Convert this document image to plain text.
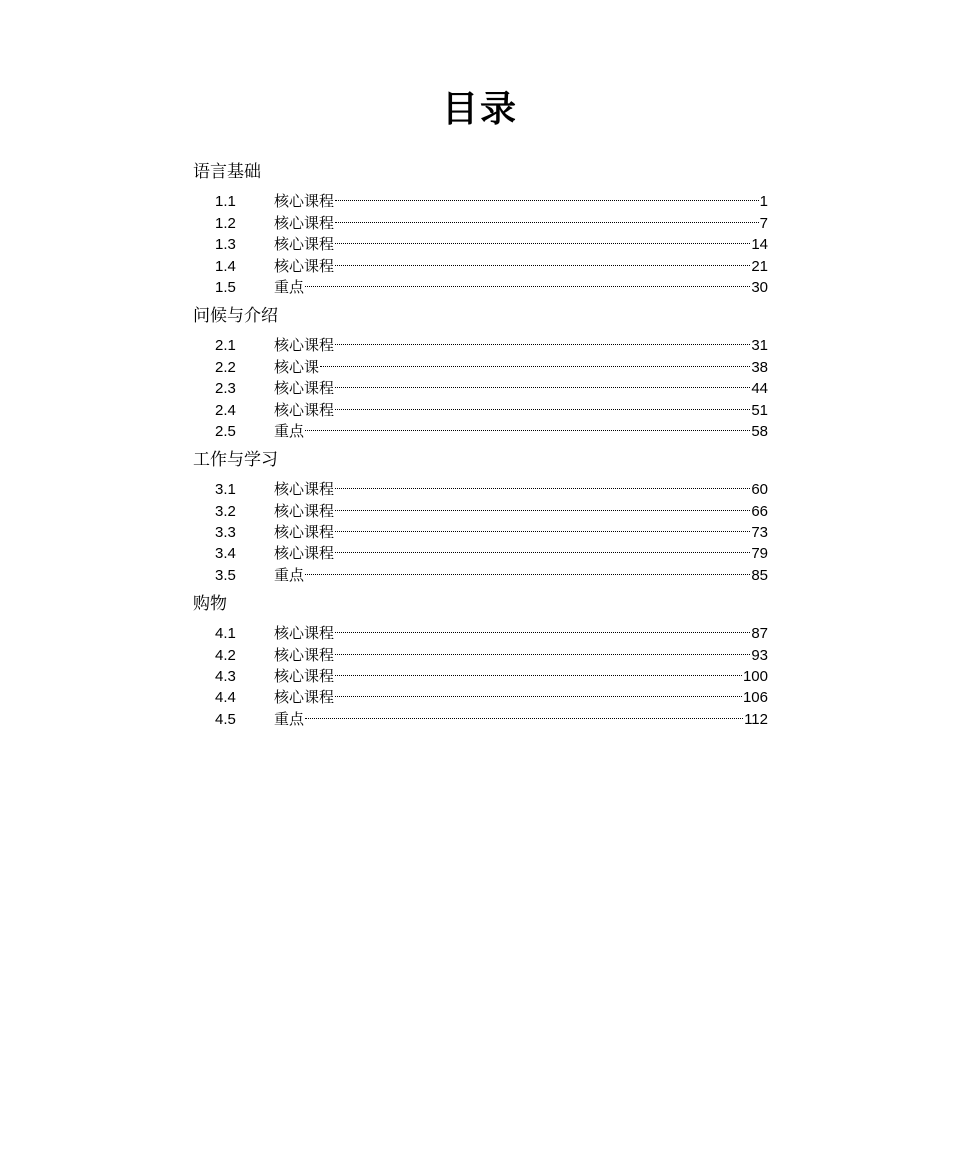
目录
语言基础
1.1	核心课程	1
1.2	核心课程	7
1.3	核心课程	14
1.4	核心课程	21
1.5	重点	30
问候与介绍
2.1	核心课程	31
2.2	核心课	38
2.3	核心课程	44
2.4	核心课程	51
2.5	重点	58
工作与学习
3.1	核心课程	60
3.2	核心课程	66
3.3	核心课程	73
3.4	核心课程	79
3.5	重点	85
购物
4.1	核心课程	87
4.2	核心课程	93
4.3	核心课程	100
4.4	核心课程	106
4.5	重点	112
